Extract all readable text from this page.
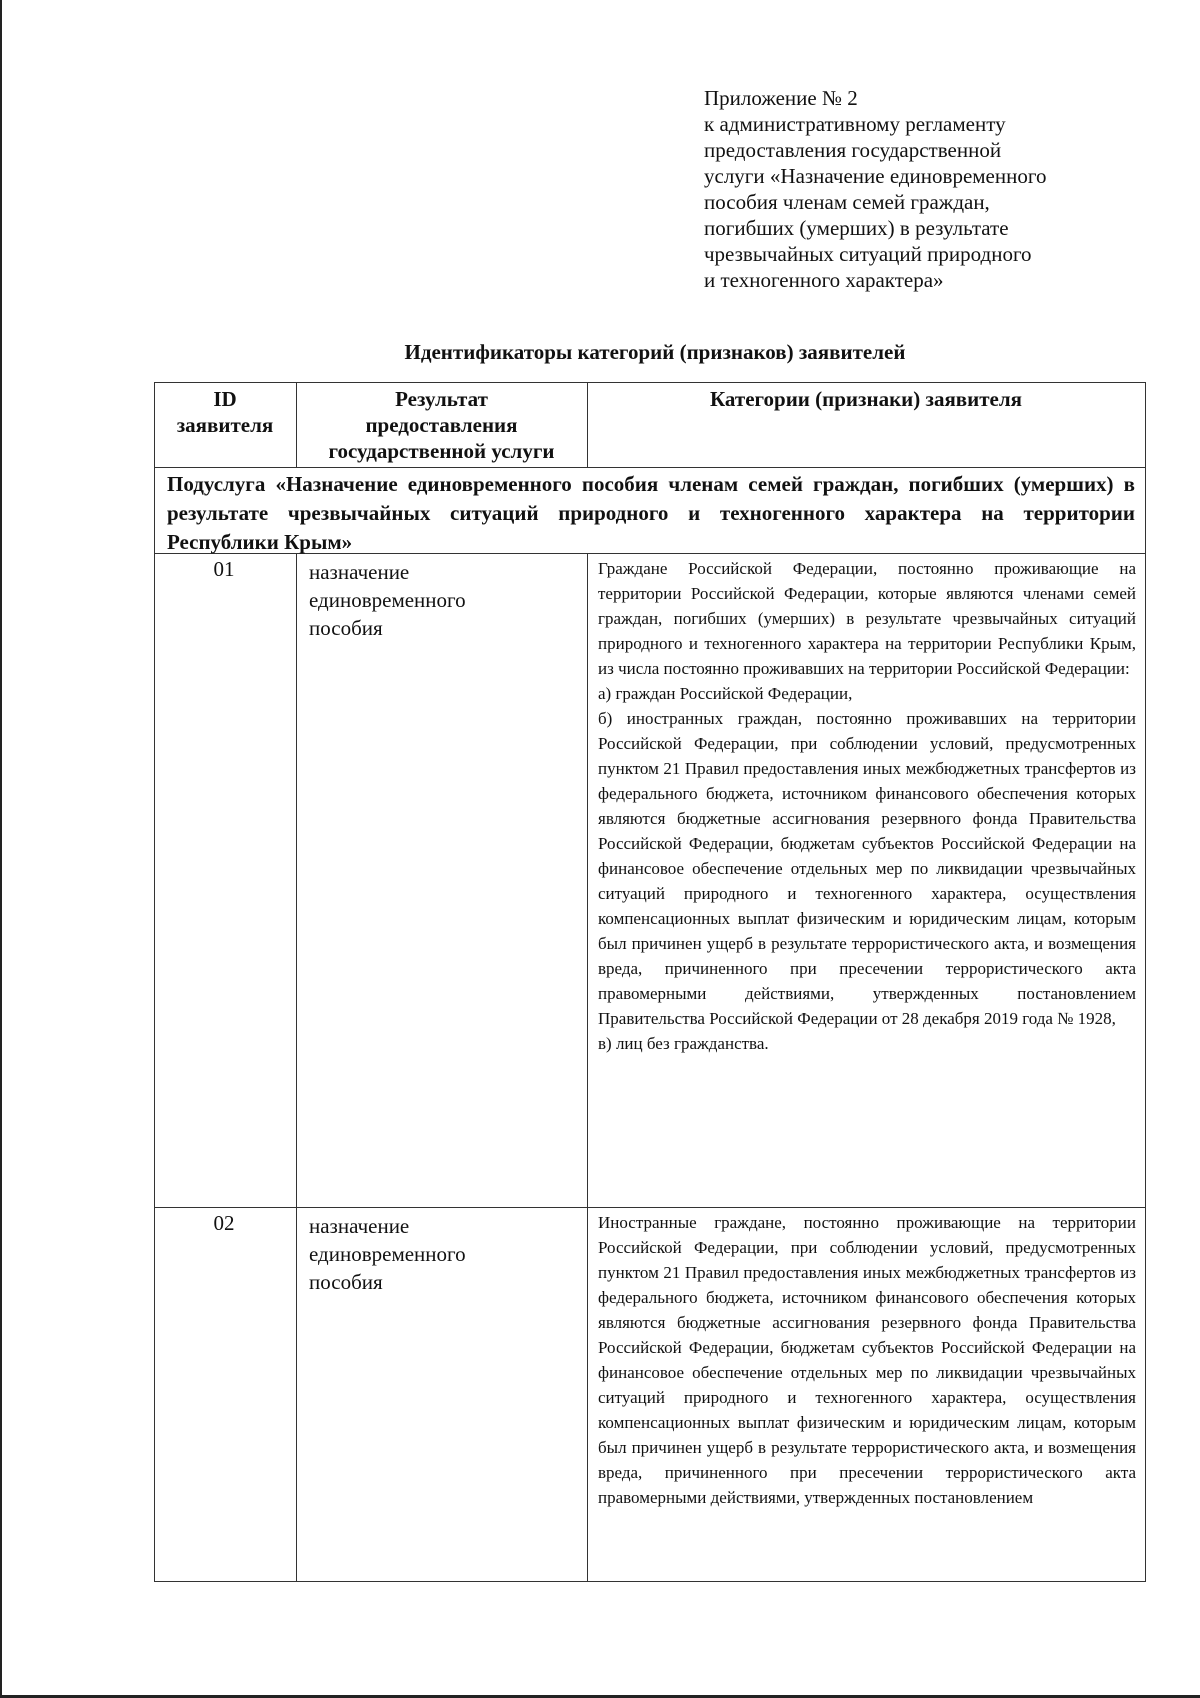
Приложение № 2
к административному регламенту
предоставления государственной
услуги «Назначение единовременного
пособия членам семей граждан,
погибших (умерших) в результате
чрезвычайных ситуаций природного
и техногенного характера»
Идентификаторы категорий (признаков) заявителей
ID
заявителя
Результат
предоставления
государственной услуги
Категории (признаки) заявителя
Подуслуга «Назначение единовременного пособия членам семей граждан, погибших (умерших) в результате чрезвычайных ситуаций природного и техногенного характера на территории Республики Крым»
01	назначение
единовременного
пособия

Граждане Российской Федерации, постоянно проживающие на территории Российской Федерации, которые являются членами семей граждан, погибших (умерших) в результате чрезвычайных ситуаций природного и техногенного характера на территории Республики Крым, из числа постоянно проживавших на территории Российской Федерации:

а) граждан Российской Федерации,

б) иностранных граждан, постоянно проживавших на территории Российской Федерации, при соблюдении условий, предусмотренных пунктом 21 Правил предоставления иных межбюджетных трансфертов из федерального бюджета, источником финансового обеспечения которых являются бюджетные ассигнования резервного фонда Правительства Российской Федерации, бюджетам субъектов Российской Федерации на финансовое обеспечение отдельных мер по ликвидации чрезвычайных ситуаций природного и техногенного характера, осуществления компенсационных выплат физическим и юридическим лицам, которым был причинен ущерб в результате террористического акта, и возмещения вреда, причиненного при пресечении террористического акта правомерными действиями, утвержденных постановлением Правительства Российской Федерации от 28 декабря 2019 года № 1928,

в) лиц без гражданства.

02	назначение
единовременного
пособия

Иностранные граждане, постоянно проживающие на территории Российской Федерации, при соблюдении условий, предусмотренных пунктом 21 Правил предоставления иных межбюджетных трансфертов из федерального бюджета, источником финансового обеспечения которых являются бюджетные ассигнования резервного фонда Правительства Российской Федерации, бюджетам субъектов Российской Федерации на финансовое обеспечение отдельных мер по ликвидации чрезвычайных ситуаций природного и техногенного характера, осуществления компенсационных выплат физическим и юридическим лицам, которым был причинен ущерб в результате террористического акта, и возмещения вреда, причиненного при пресечении террористического акта правомерными действиями, утвержденных постановлением
